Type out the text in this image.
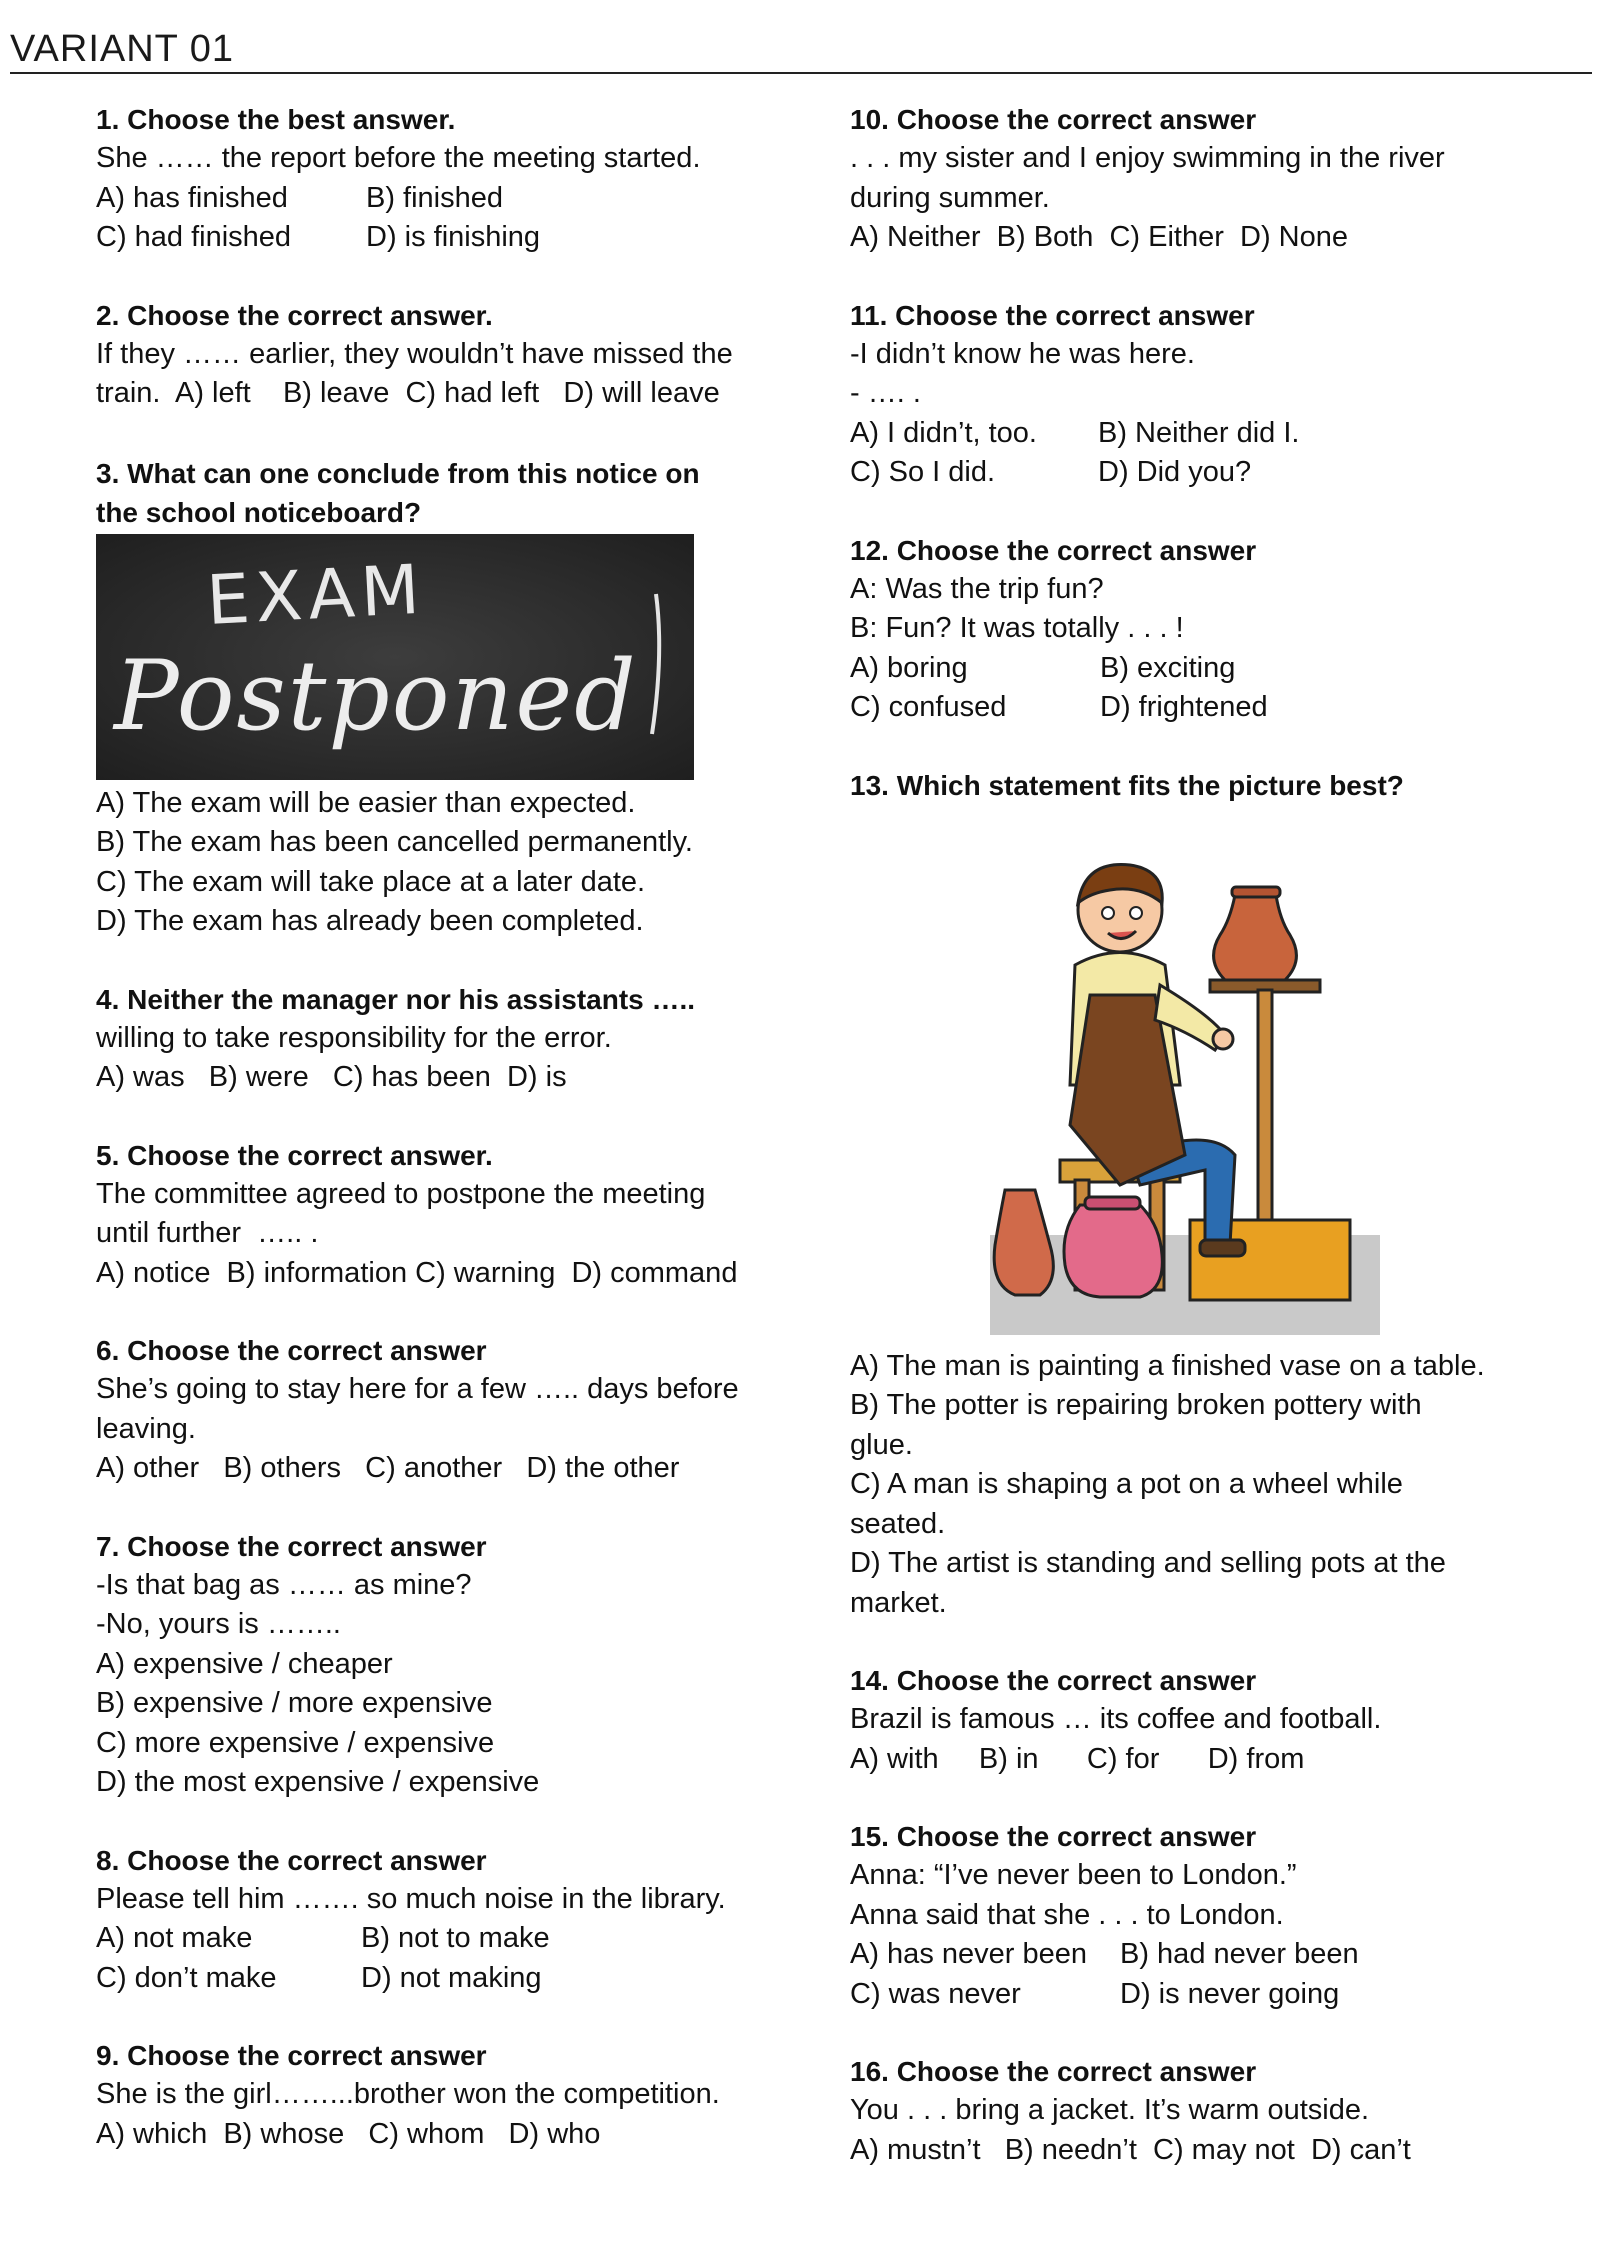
VARIANT 01
1. Choose the best answer.
She …… the report before the meeting started.
A) has finished	B) finished
C) had finished	D) is finishing
2. Choose the correct answer.
If they …… earlier, they wouldn’t have missed the
train.  A) left    B) leave  C) had left   D) will leave
3. What can one conclude from this notice on
the school noticeboard?
EXAM
Postponed
A) The exam will be easier than expected.
B) The exam has been cancelled permanently.
C) The exam will take place at a later date.
D) The exam has already been completed.
4. Neither the manager nor his assistants …..
willing to take responsibility for the error.
A) was   B) were   C) has been  D) is
5. Choose the correct answer.
The committee agreed to postpone the meeting
until further  ….. .
A) notice  B) information C) warning  D) command
6. Choose the correct answer
She’s going to stay here for a few ….. days before
leaving.
A) other   B) others   C) another   D) the other
7. Choose the correct answer
-Is that bag as …… as mine?
-No, yours is ……..
A) expensive / cheaper
B) expensive / more expensive
C) more expensive / expensive
D) the most expensive / expensive
8. Choose the correct answer
Please tell him ……. so much noise in the library.
A) not make	B) not to make
C) don’t make	D) not making
9. Choose the correct answer
She is the girl……...brother won the competition.
A) which  B) whose   C) whom   D) who
10. Choose the correct answer
. . . my sister and I enjoy swimming in the river
during summer.
A) Neither  B) Both  C) Either  D) None
11. Choose the correct answer
-I didn’t know he was here.
- …. .
A) I didn’t, too.	B) Neither did I.
C) So I did.	D) Did you?
12. Choose the correct answer
A: Was the trip fun?
B: Fun? It was totally . . . !
A) boring	B) exciting
C) confused	D) frightened
13. Which statement fits the picture best?
A) The man is painting a finished vase on a table.
B) The potter is repairing broken pottery with
glue.
C) A man is shaping a pot on a wheel while
seated.
D) The artist is standing and selling pots at the
market.
14. Choose the correct answer
Brazil is famous … its coffee and football.
A) with     B) in      C) for      D) from
15. Choose the correct answer
Anna: “I’ve never been to London.”
Anna said that she . . . to London.
A) has never been	B) had never been
C) was never	D) is never going
16. Choose the correct answer
You . . . bring a jacket. It’s warm outside.
A) mustn’t   B) needn’t  C) may not  D) can’t
